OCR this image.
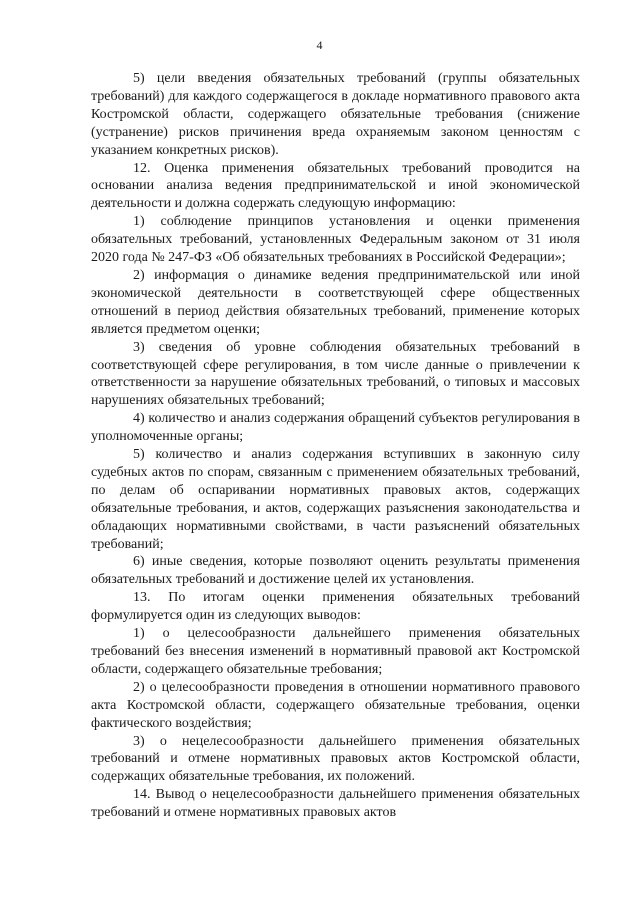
4

5) цели введения обязательных требований (группы обязательных требований) для каждого содержащегося в докладе нормативного правового акта Костромской области, содержащего обязательные требования (снижение (устранение) рисков причинения вреда охраняемым законом ценностям с указанием конкретных рисков).

12. Оценка применения обязательных требований проводится на основании анализа ведения предпринимательской и иной экономической деятельности и должна содержать следующую информацию:

1) соблюдение принципов установления и оценки применения обязательных требований, установленных Федеральным законом от 31 июля 2020 года № 247-ФЗ «Об обязательных требованиях в Российской Федерации»;

2) информация о динамике ведения предпринимательской или иной экономической деятельности в соответствующей сфере общественных отношений в период действия обязательных требований, применение которых является предметом оценки;

3) сведения об уровне соблюдения обязательных требований в соответствующей сфере регулирования, в том числе данные о привлечении к ответственности за нарушение обязательных требований, о типовых и массовых нарушениях обязательных требований;

4) количество и анализ содержания обращений субъектов регулирования в уполномоченные органы;

5) количество и анализ содержания вступивших в законную силу судебных актов по спорам, связанным с применением обязательных требований, по делам об оспаривании нормативных правовых актов, содержащих обязательные требования, и актов, содержащих разъяснения законодательства и обладающих нормативными свойствами, в части разъяснений обязательных требований;

6) иные сведения, которые позволяют оценить результаты применения обязательных требований и достижение целей их установления.

13. По итогам оценки применения обязательных требований формулируется один из следующих выводов:

1) о целесообразности дальнейшего применения обязательных требований без внесения изменений в нормативный правовой акт Костромской области, содержащего обязательные требования;

2) о целесообразности проведения в отношении нормативного правового акта Костромской области, содержащего обязательные требования, оценки фактического воздействия;

3) о нецелесообразности дальнейшего применения обязательных требований и отмене нормативных правовых актов Костромской области, содержащих обязательные требования, их положений.

14. Вывод о нецелесообразности дальнейшего применения обязательных требований и отмене нормативных правовых актов
